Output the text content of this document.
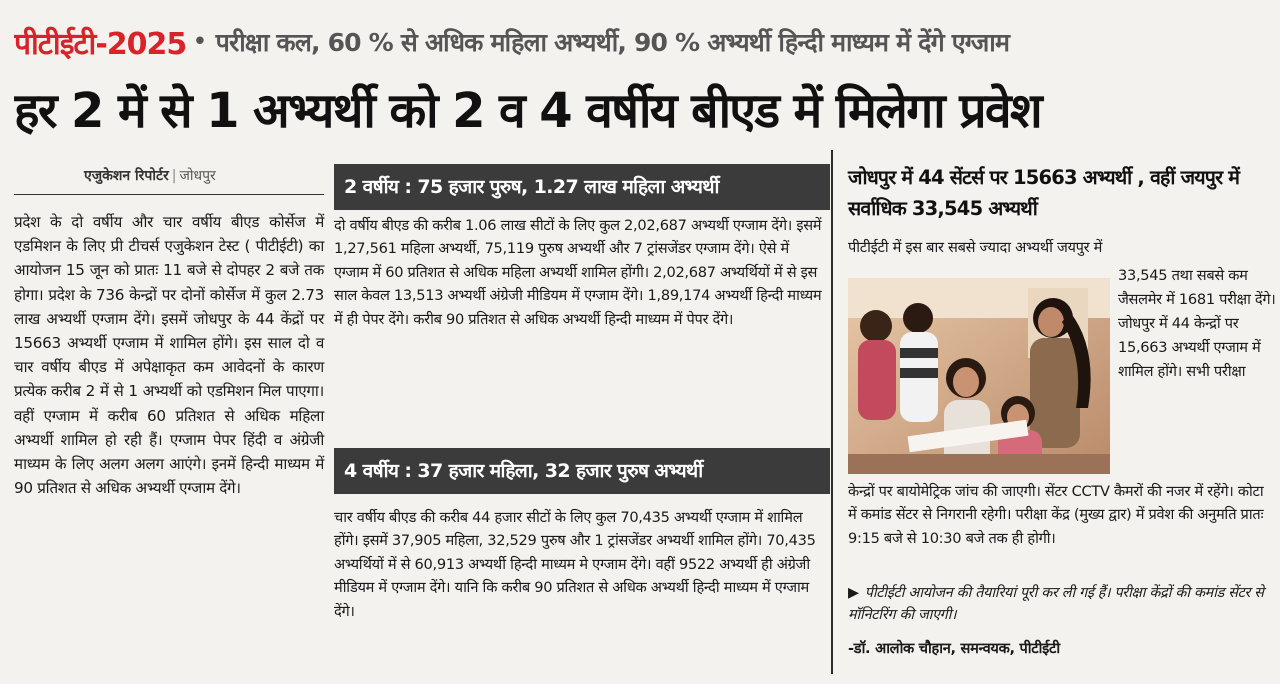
पीटीईटी-2025 • परीक्षा कल, 60 % से अधिक महिला अभ्यर्थी, 90 % अभ्यर्थी हिन्दी माध्यम में देंगे एग्जाम
हर 2 में से 1 अभ्यर्थी को 2 व 4 वर्षीय बीएड में मिलेगा प्रवेश
एजुकेशन रिपोर्टर | जोधपुर
प्रदेश के दो वर्षीय और चार वर्षीय बीएड कोर्सेज में एडमिशन के लिए प्री टीचर्स एजुकेशन टेस्ट ( पीटीईटी) का आयोजन 15 जून को प्रातः 11 बजे से दोपहर 2 बजे तक होगा। प्रदेश के 736 केन्द्रों पर दोनों कोर्सेज में कुल 2.73 लाख अभ्यर्थी एग्जाम देंगे। इसमें जोधपुर के 44 केंद्रों पर 15663 अभ्यर्थी एग्जाम में शामिल होंगे। इस साल दो व चार वर्षीय बीएड में अपेक्षाकृत कम आवेदनों के कारण प्रत्येक करीब 2 में से 1 अभ्यर्थी को एडमिशन मिल पाएगा। वहीं एग्जाम में करीब 60 प्रतिशत से अधिक महिला अभ्यर्थी शामिल हो रही हैं। एग्जाम पेपर हिंदी व अंग्रेजी माध्यम के लिए अलग अलग आएंगे। इनमें हिन्दी माध्यम में 90 प्रतिशत से अधिक अभ्यर्थी एग्जाम देंगे।
2 वर्षीय : 75 हजार पुरुष, 1.27 लाख महिला अभ्यर्थी
दो वर्षीय बीएड की करीब 1.06 लाख सीटों के लिए कुल 2,02,687 अभ्यर्थी एग्जाम देंगे। इसमें 1,27,561 महिला अभ्यर्थी, 75,119 पुरुष अभ्यर्थी और 7 ट्रांसजेंडर एग्जाम देंगे। ऐसे में एग्जाम में 60 प्रतिशत से अधिक महिला अभ्यर्थी शामिल होंगी। 2,02,687 अभ्यर्थियों में से इस साल केवल 13,513 अभ्यर्थी अंग्रेजी मीडियम में एग्जाम देंगे। 1,89,174 अभ्यर्थी हिन्दी माध्यम में ही पेपर देंगे। करीब 90 प्रतिशत से अधिक अभ्यर्थी हिन्दी माध्यम में पेपर देंगे।
4 वर्षीय : 37 हजार महिला, 32 हजार पुरुष अभ्यर्थी
चार वर्षीय बीएड की करीब 44 हजार सीटों के लिए कुल 70,435 अभ्यर्थी एग्जाम में शामिल होंगे। इसमें 37,905 महिला, 32,529 पुरुष और 1 ट्रांसजेंडर अभ्यर्थी शामिल होंगे। 70,435 अभ्यर्थियों में से 60,913 अभ्यर्थी हिन्दी माध्यम मे एग्जाम देंगे। वहीं 9522 अभ्यर्थी ही अंग्रेजी मीडियम में एग्जाम देंगे। यानि कि करीब 90 प्रतिशत से अधिक अभ्यर्थी हिन्दी माध्यम में एग्जाम देंगे।
जोधपुर में 44 सेंटर्स पर 15663 अभ्यर्थी , वहीं जयपुर में सर्वाधिक 33,545 अभ्यर्थी
पीटीईटी में इस बार सबसे ज्यादा अभ्यर्थी जयपुर में
33,545 तथा सबसे कम जैसलमेर में 1681 परीक्षा देंगे। जोधपुर में 44 केन्द्रों पर 15,663 अभ्यर्थी एग्जाम में शामिल होंगे। सभी परीक्षा
केन्द्रों पर बायोमेट्रिक जांच की जाएगी। सेंटर CCTV कैमरों की नजर में रहेंगे। कोटा में कमांड सेंटर से निगरानी रहेगी। परीक्षा केंद्र (मुख्य द्वार) में प्रवेश की अनुमति प्रातः 9:15 बजे से 10:30 बजे तक ही होगी।
▶ पीटीईटी आयोजन की तैयारियां पूरी कर ली गई हैं। परीक्षा केंद्रों की कमांड सेंटर से मॉनिटरिंग की जाएगी।
-डॉ. आलोक चौहान, समन्वयक, पीटीईटी
